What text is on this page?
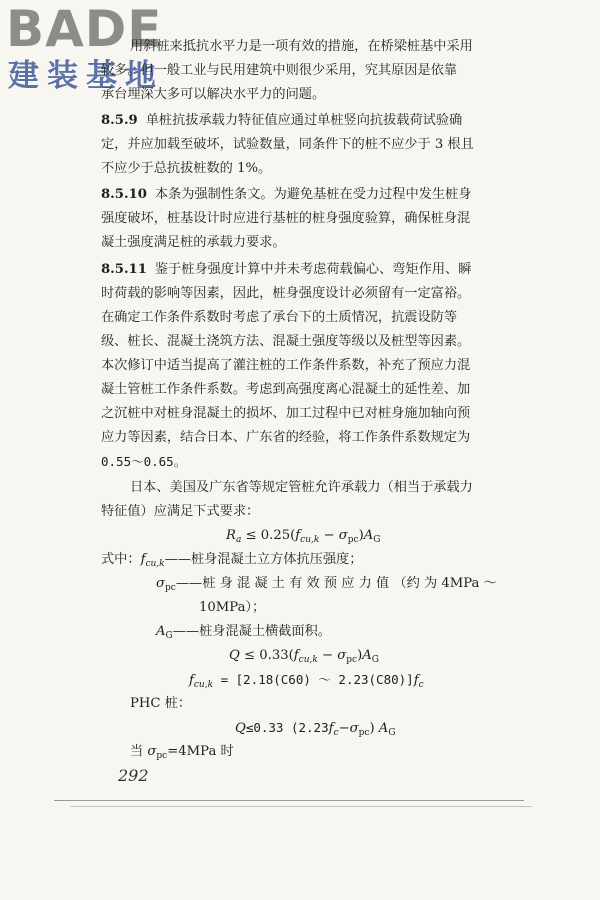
BADE
建装基地
用斜桩来抵抗水平力是一项有效的措施，在桥梁桩基中采用
较多。但一般工业与民用建筑中则很少采用，究其原因是依靠
承台埋深大多可以解决水平力的问题。
8.5.9 单桩抗拔承载力特征值应通过单桩竖向抗拔载荷试验确
定，并应加载至破坏，试验数量，同条件下的桩不应少于 3 根且
不应少于总抗拔桩数的 1%。
8.5.10 本条为强制性条文。为避免基桩在受力过程中发生桩身
强度破坏，桩基设计时应进行基桩的桩身强度验算，确保桩身混
凝土强度满足桩的承载力要求。
8.5.11 鉴于桩身强度计算中并未考虑荷载偏心、弯矩作用、瞬
时荷载的影响等因素，因此，桩身强度设计必须留有一定富裕。
在确定工作条件系数时考虑了承台下的土质情况，抗震设防等
级、桩长、混凝土浇筑方法、混凝土强度等级以及桩型等因素。
本次修订中适当提高了灌注桩的工作条件系数，补充了预应力混
凝土管桩工作条件系数。考虑到高强度离心混凝土的延性差、加
之沉桩中对桩身混凝土的损坏、加工过程中已对桩身施加轴向预
应力等因素，结合日本、广东省的经验，将工作条件系数规定为
0.55～0.65。
日本、美国及广东省等规定管桩允许承载力（相当于承载力
特征值）应满足下式要求：
$R_a \le 0.25(f_{cu,k} - \sigma_{pc})A_G$
式中：$f_{cu,k}——$桩身混凝土立方体抗压强度；
$\sigma_{pc}——$桩 身 混 凝 土 有 效 预 应 力 值 （约 为 4MPa ～
10MPa）；
$A_G——$桩身混凝土横截面积。
$Q \le 0.33(f_{cu,k} - \sigma_{pc})A_G$
$f_{cu,k} = [2.18(C60)$ ～ $2.23(C80)]f_c$
PHC 桩：
Q≤0.33 $(2.23f_c-\sigma_{pc})$ $A_G$
当 $\sigma_{pc}=4MPa$ 时
292
